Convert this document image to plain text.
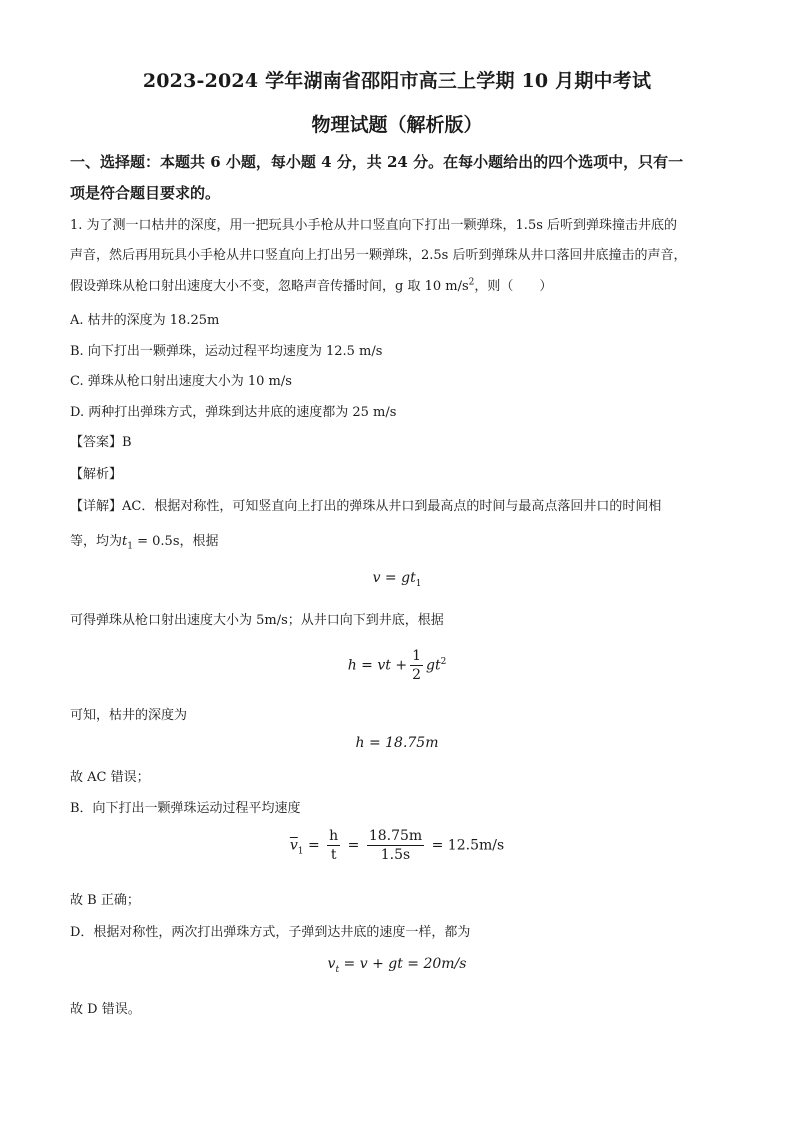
2023-2024 学年湖南省邵阳市高三上学期 10 月期中考试
物理试题（解析版）
一、选择题：本题共 6 小题，每小题 4 分，共 24 分。在每小题给出的四个选项中，只有一
项是符合题目要求的。
1. 为了测一口枯井的深度，用一把玩具小手枪从井口竖直向下打出一颗弹珠，1.5s 后听到弹珠撞击井底的
声音，然后再用玩具小手枪从井口竖直向上打出另一颗弹珠，2.5s 后听到弹珠从井口落回井底撞击的声音，
假设弹珠从枪口射出速度大小不变，忽略声音传播时间，g 取 10 $m/s^2$，则（　　）
A. 枯井的深度为 18.25m
B. 向下打出一颗弹珠，运动过程平均速度为 12.5 m/s
C. 弹珠从枪口射出速度大小为 10 m/s
D. 两种打出弹珠方式，弹珠到达井底的速度都为 25 m/s
【答案】B
【解析】
【详解】AC．根据对称性，可知竖直向上打出的弹珠从井口到最高点的时间与最高点落回井口的时间相
等，均为$t_1 = 0.5s$，根据
$v = gt_1$
可得弹珠从枪口射出速度大小为 5m/s；从井口向下到井底，根据
h = vt + $\frac{1}{2} gt^2$
可知，枯井的深度为
h = 18.75m
故 AC 错误；
B．向下打出一颗弹珠运动过程平均速度
$\overline{v}_1 = \frac{h}{t} = \frac{18.75m}{1.5s} = 12.5m/s$
故 B 正确；
D．根据对称性，两次打出弹珠方式，子弹到达井底的速度一样，都为
$v_t = v$ + gt = 20m/s
故 D 错误。
